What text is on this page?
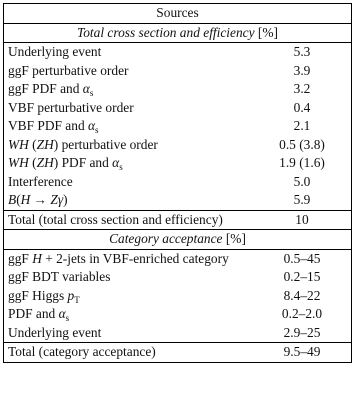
Sources	
Total cross section and efficiency [%]	
Underlying event	5.3
ggF perturbative order	3.9
ggF PDF and $\alpha_s$	3.2
VBF perturbative order	0.4
VBF PDF and $\alpha_s$	2.1
WH (ZH) perturbative order	0.5 (3.8)
WH (ZH) PDF and $\alpha_s$	1.9 (1.6)
Interference	5.0
B(H → Zγ)	5.9
Total (total cross section and efficiency)	10
Category acceptance [%]	
ggF H + 2-jets in VBF-enriched category	0.5–45
ggF BDT variables	0.2–15
ggF Higgs $p_T$	8.4–22
PDF and $\alpha_s$	0.2–2.0
Underlying event	2.9–25
Total (category acceptance)	9.5–49
